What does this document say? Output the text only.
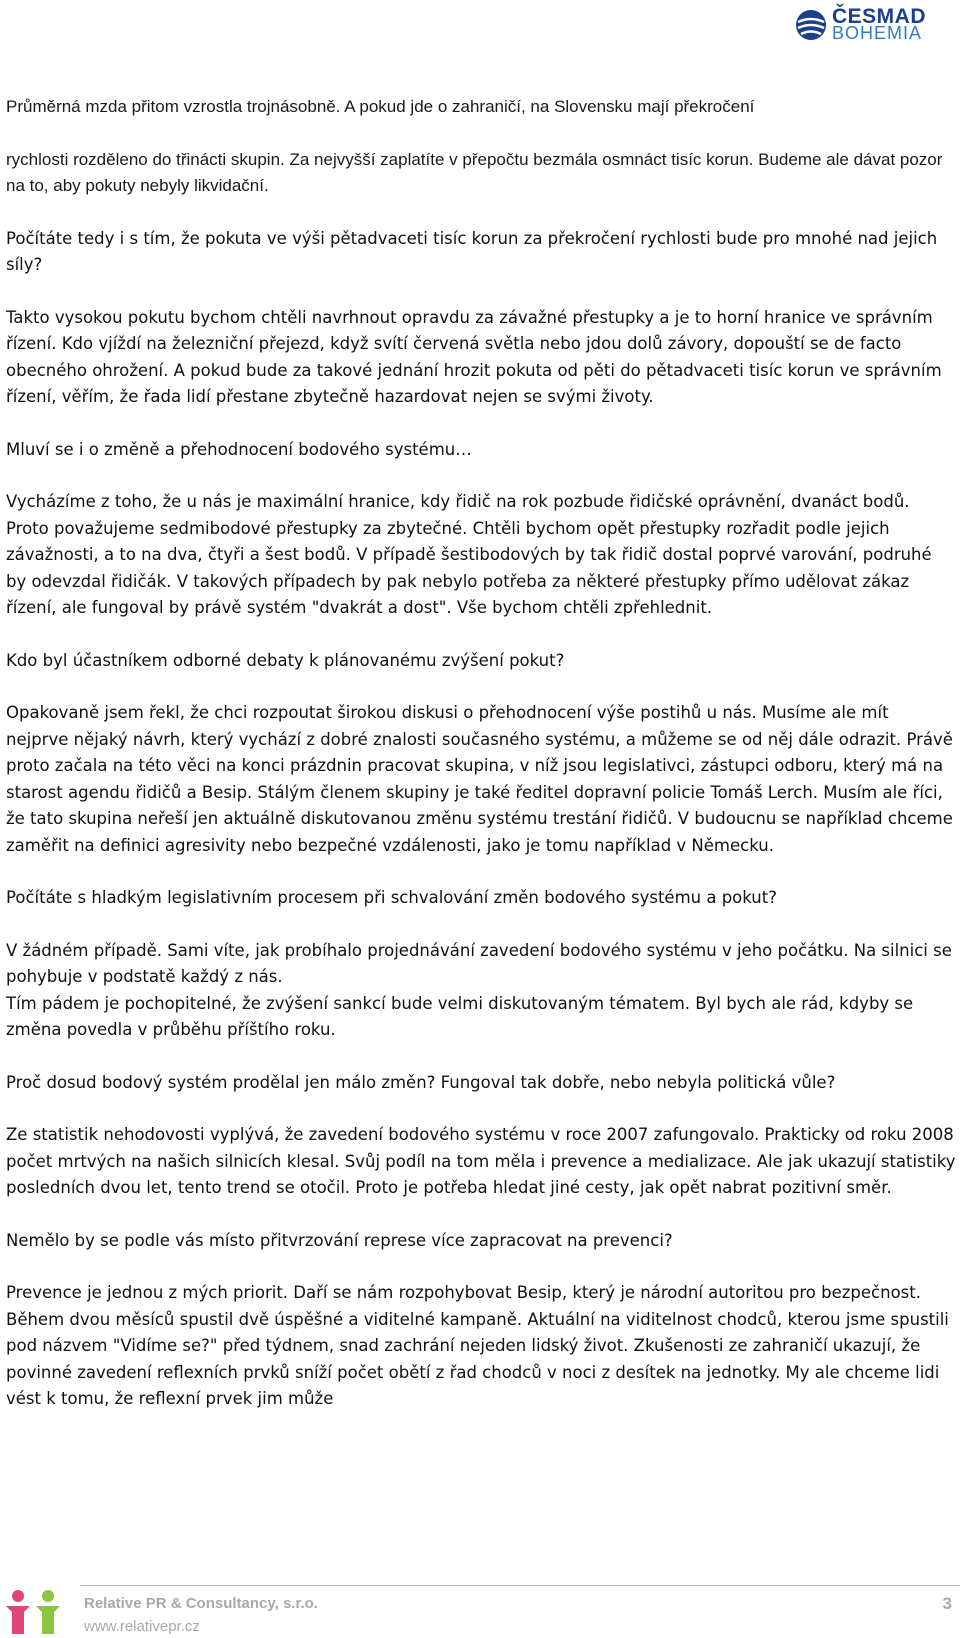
ČESMAD
BOHEMIA

Průměrná mzda přitom vzrostla trojnásobně. A pokud jde o zahraničí, na Slovensku mají překročení

rychlosti rozděleno do třinácti skupin. Za nejvyšší zaplatíte v přepočtu bezmála osmnáct tisíc korun. Budeme ale dávat pozor na to, aby pokuty nebyly likvidační.

Počítáte tedy i s tím, že pokuta ve výši pětadvaceti tisíc korun za překročení rychlosti bude pro mnohé nad jejich síly?

Takto vysokou pokutu bychom chtěli navrhnout opravdu za závažné přestupky a je to horní hranice ve správním řízení. Kdo vjíždí na železniční přejezd, když svítí červená světla nebo jdou dolů závory, dopouští se de facto obecného ohrožení. A pokud bude za takové jednání hrozit pokuta od pěti do pětadvaceti tisíc korun ve správním řízení, věřím, že řada lidí přestane zbytečně hazardovat nejen se svými životy.

Mluví se i o změně a přehodnocení bodového systému…

Vycházíme z toho, že u nás je maximální hranice, kdy řidič na rok pozbude řidičské oprávnění, dvanáct bodů. Proto považujeme sedmibodové přestupky za zbytečné. Chtěli bychom opět přestupky rozřadit podle jejich závažnosti, a to na dva, čtyři a šest bodů. V případě šestibodových by tak řidič dostal poprvé varování, podruhé by odevzdal řidičák. V takových případech by pak nebylo potřeba za některé přestupky přímo udělovat zákaz řízení, ale fungoval by právě systém "dvakrát a dost". Vše bychom chtěli zpřehlednit.

Kdo byl účastníkem odborné debaty k plánovanému zvýšení pokut?

Opakovaně jsem řekl, že chci rozpoutat širokou diskusi o přehodnocení výše postihů u nás. Musíme ale mít nejprve nějaký návrh, který vychází z dobré znalosti současného systému, a můžeme se od něj dále odrazit. Právě proto začala na této věci na konci prázdnin pracovat skupina, v níž jsou legislativci, zástupci odboru, který má na starost agendu řidičů a Besip. Stálým členem skupiny je také ředitel dopravní policie Tomáš Lerch. Musím ale říci, že tato skupina neřeší jen aktuálně diskutovanou změnu systému trestání řidičů. V budoucnu se například chceme zaměřit na definici agresivity nebo bezpečné vzdálenosti, jako je tomu například v Německu.

Počítáte s hladkým legislativním procesem při schvalování změn bodového systému a pokut?

V žádném případě. Sami víte, jak probíhalo projednávání zavedení bodového systému v jeho počátku. Na silnici se pohybuje v podstatě každý z nás.

Tím pádem je pochopitelné, že zvýšení sankcí bude velmi diskutovaným tématem. Byl bych ale rád, kdyby se změna povedla v průběhu příštího roku.

Proč dosud bodový systém prodělal jen málo změn? Fungoval tak dobře, nebo nebyla politická vůle?

Ze statistik nehodovosti vyplývá, že zavedení bodového systému v roce 2007 zafungovalo. Prakticky od roku 2008 počet mrtvých na našich silnicích klesal. Svůj podíl na tom měla i prevence a medializace. Ale jak ukazují statistiky posledních dvou let, tento trend se otočil. Proto je potřeba hledat jiné cesty, jak opět nabrat pozitivní směr.

Nemělo by se podle vás místo přitvrzování represe více zapracovat na prevenci?

Prevence je jednou z mých priorit. Daří se nám rozpohybovat Besip, který je národní autoritou pro bezpečnost. Během dvou měsíců spustil dvě úspěšné a viditelné kampaně. Aktuální na viditelnost chodců, kterou jsme spustili pod názvem "Vidíme se?" před týdnem, snad zachrání nejeden lidský život. Zkušenosti ze zahraničí ukazují, že povinné zavedení reflexních prvků sníží počet obětí z řad chodců v noci z desítek na jednotky. My ale chceme lidi vést k tomu, že reflexní prvek jim může

Relative PR & Consultancy, s.r.o.
www.relativepr.cz
3
